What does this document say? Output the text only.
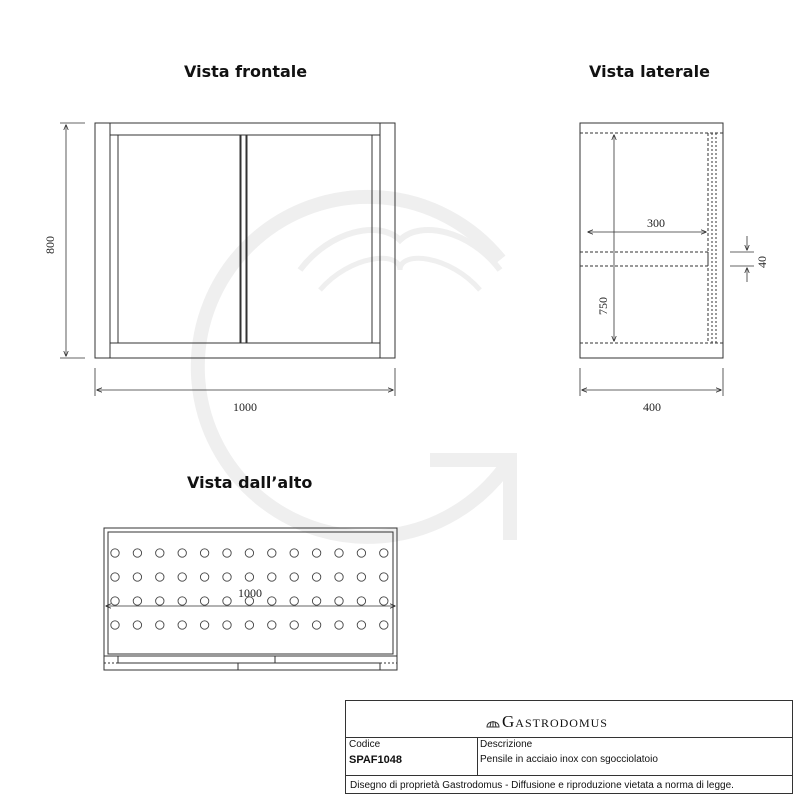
1000
800
400
300
750
40
1000
Vista frontale	Vista laterale
Vista dall’alto
Gastrodomus
Codice
SPAF1048
Descrizione
Pensile in acciaio inox con sgocciolatoio
Disegno di proprietà Gastrodomus - Diffusione e riproduzione vietata a norma di legge.
